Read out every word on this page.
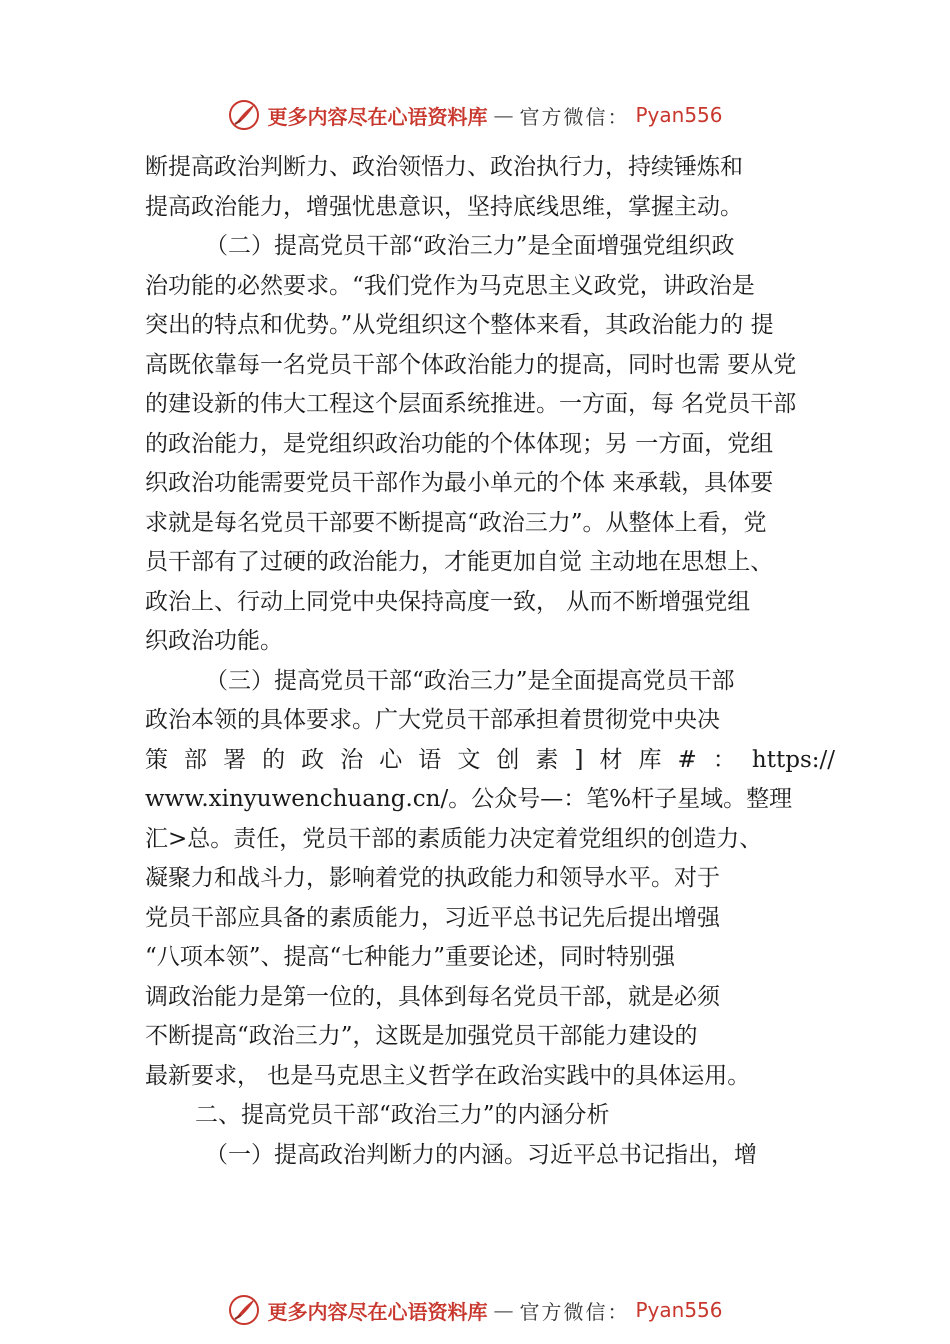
更多内容尽在心语资料库 — 官方微信： Pyan556
断提高政治判断力、政治领悟力、政治执行力，持续锤炼和
提高政治能力，增强忧患意识，坚持底线思维，掌握主动。
（二）提高党员干部“政治三力”是全面增强党组织政
治功能的必然要求。“我们党作为马克思主义政党，讲政治是
突出的特点和优势。”从党组织这个整体来看，其政治能力的 提
高既依靠每一名党员干部个体政治能力的提高，同时也需 要从党
的建设新的伟大工程这个层面系统推进。一方面，每 名党员干部
的政治能力，是党组织政治功能的个体体现；另 一方面，党组
织政治功能需要党员干部作为最小单元的个体 来承载，具体要
求就是每名党员干部要不断提高“政治三力”。从整体上看，党
员干部有了过硬的政治能力，才能更加自觉 主动地在思想上、
政治上、行动上同党中央保持高度一致， 从而不断增强党组
织政治功能。
（三）提高党员干部“政治三力”是全面提高党员干部
政治本领的具体要求。广大党员干部承担着贯彻党中央决
策部署的政治心语文创素]材库#：https://
www.xinyuwenchuang.cn/。公众号—：笔%杆子星域。整理
汇>总。责任，党员干部的素质能力决定着党组织的创造力、
凝聚力和战斗力，影响着党的执政能力和领导水平。对于
党员干部应具备的素质能力，习近平总书记先后提出增强
“八项本领”、提高“七种能力”重要论述，同时特别强
调政治能力是第一位的，具体到每名党员干部，就是必须
不断提高“政治三力”，这既是加强党员干部能力建设的
最新要求， 也是马克思主义哲学在政治实践中的具体运用。
二、提高党员干部“政治三力”的内涵分析
（一）提高政治判断力的内涵。习近平总书记指出，增
更多内容尽在心语资料库 — 官方微信： Pyan556
